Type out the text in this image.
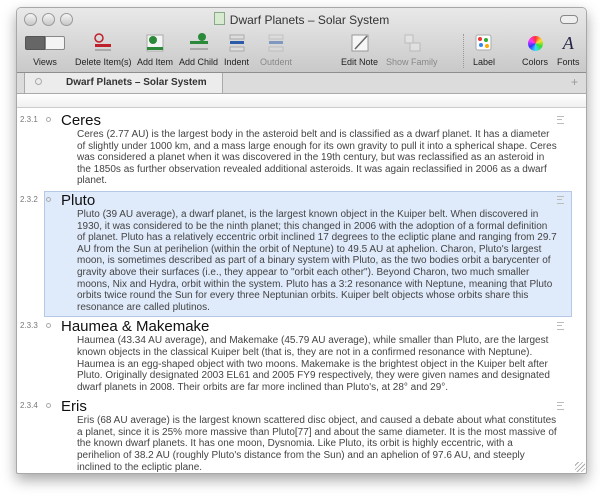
Dwarf Planets – Solar System
Views	Delete Item(s) Add Item Add Child Indent Outdent	Edit Note Show Family	Label	Colors
A
Fonts
Dwarf Planets – Solar System	+
2.3.1 Ceres
Ceres (2.77 AU) is the largest body in the asteroid belt and is classified as a dwarf planet. It has a diameter of slightly under 1000 km, and a mass large enough for its own gravity to pull it into a spherical shape. Ceres was considered a planet when it was discovered in the 19th century, but was reclassified as an asteroid in the 1850s as further observation revealed additional asteroids. It was again reclassified in 2006 as a dwarf planet.
2.3.2 Pluto
Pluto (39 AU average), a dwarf planet, is the largest known object in the Kuiper belt. When discovered in 1930, it was considered to be the ninth planet; this changed in 2006 with the adoption of a formal definition of planet. Pluto has a relatively eccentric orbit inclined 17 degrees to the ecliptic plane and ranging from 29.7 AU from the Sun at perihelion (within the orbit of Neptune) to 49.5 AU at aphelion. Charon, Pluto's largest moon, is sometimes described as part of a binary system with Pluto, as the two bodies orbit a barycenter of gravity above their surfaces (i.e., they appear to "orbit each other"). Beyond Charon, two much smaller moons, Nix and Hydra, orbit within the system. Pluto has a 3:2 resonance with Neptune, meaning that Pluto orbits twice round the Sun for every three Neptunian orbits. Kuiper belt objects whose orbits share this resonance are called plutinos.
2.3.3 Haumea & Makemake
Haumea (43.34 AU average), and Makemake (45.79 AU average), while smaller than Pluto, are the largest known objects in the classical Kuiper belt (that is, they are not in a confirmed resonance with Neptune). Haumea is an egg-shaped object with two moons. Makemake is the brightest object in the Kuiper belt after Pluto. Originally designated 2003 EL61 and 2005 FY9 respectively, they were given names and designated dwarf planets in 2008. Their orbits are far more inclined than Pluto's, at 28° and 29°.
2.3.4 Eris
Eris (68 AU average) is the largest known scattered disc object, and caused a debate about what constitutes a planet, since it is 25% more massive than Pluto[77] and about the same diameter. It is the most massive of the known dwarf planets. It has one moon, Dysnomia. Like Pluto, its orbit is highly eccentric, with a perihelion of 38.2 AU (roughly Pluto's distance from the Sun) and an aphelion of 97.6 AU, and steeply inclined to the ecliptic plane.
